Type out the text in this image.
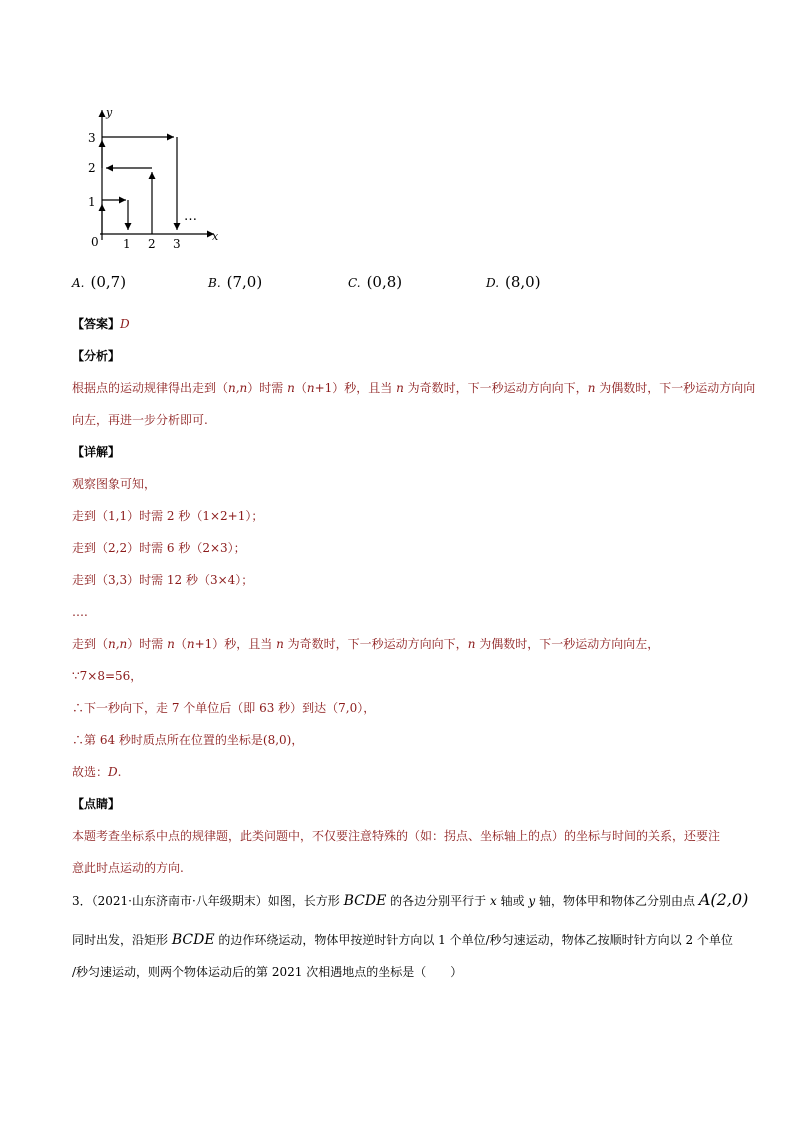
y
x
0 1 2 3
1
2
3
…
A. (0,7)	B. (7,0)	C. (0,8)	D. (8,0)
【答案】D
【分析】
根据点的运动规律得出走到（n,n）时需 n（n+1）秒，且当 n 为奇数时，下一秒运动方向向下，n 为偶数时，下一秒运动方向向
向左，再进一步分析即可.
【详解】
观察图象可知，
走到（1,1）时需 2 秒（1×2+1）；
走到（2,2）时需 6 秒（2×3）；
走到（3,3）时需 12 秒（3×4）；
….
走到（n,n）时需 n（n+1）秒，且当 n 为奇数时，下一秒运动方向向下，n 为偶数时，下一秒运动方向向左，
∵7×8=56，
∴下一秒向下，走 7 个单位后（即 63 秒）到达（7,0），
∴第 64 秒时质点所在位置的坐标是(8,0)，
故选：D.
【点睛】
本题考查坐标系中点的规律题，此类问题中，不仅要注意特殊的（如：拐点、坐标轴上的点）的坐标与时间的关系，还要注
意此时点运动的方向.
3．（2021·山东济南市·八年级期末）如图，长方形 BCDE 的各边分别平行于 x 轴或 y 轴，物体甲和物体乙分别由点 A(2,0)
同时出发，沿矩形 BCDE 的边作环绕运动，物体甲按逆时针方向以 1 个单位/秒匀速运动，物体乙按顺时针方向以 2 个单位
/秒匀速运动，则两个物体运动后的第 2021 次相遇地点的坐标是（　　）
